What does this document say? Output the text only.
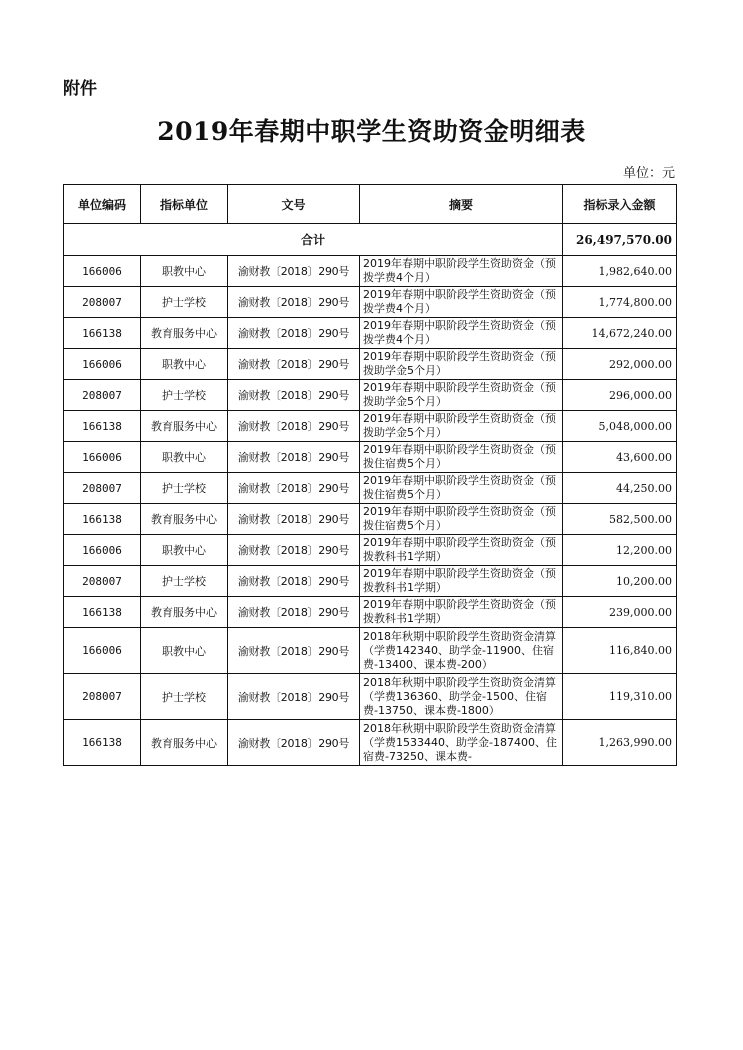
附件
2019年春期中职学生资助资金明细表
单位：元
单位编码	指标单位	文号	摘要	指标录入金额
合计				26,497,570.00
166006	职教中心	渝财教〔2018〕290号	2019年春期中职阶段学生资助资金（预拨学费4个月）	1,982,640.00
208007	护士学校	渝财教〔2018〕290号	2019年春期中职阶段学生资助资金（预拨学费4个月）	1,774,800.00
166138	教育服务中心	渝财教〔2018〕290号	2019年春期中职阶段学生资助资金（预拨学费4个月）	14,672,240.00
166006	职教中心	渝财教〔2018〕290号	2019年春期中职阶段学生资助资金（预拨助学金5个月）	292,000.00
208007	护士学校	渝财教〔2018〕290号	2019年春期中职阶段学生资助资金（预拨助学金5个月）	296,000.00
166138	教育服务中心	渝财教〔2018〕290号	2019年春期中职阶段学生资助资金（预拨助学金5个月）	5,048,000.00
166006	职教中心	渝财教〔2018〕290号	2019年春期中职阶段学生资助资金（预拨住宿费5个月）	43,600.00
208007	护士学校	渝财教〔2018〕290号	2019年春期中职阶段学生资助资金（预拨住宿费5个月）	44,250.00
166138	教育服务中心	渝财教〔2018〕290号	2019年春期中职阶段学生资助资金（预拨住宿费5个月）	582,500.00
166006	职教中心	渝财教〔2018〕290号	2019年春期中职阶段学生资助资金（预拨教科书1学期）	12,200.00
208007	护士学校	渝财教〔2018〕290号	2019年春期中职阶段学生资助资金（预拨教科书1学期）	10,200.00
166138	教育服务中心	渝财教〔2018〕290号	2019年春期中职阶段学生资助资金（预拨教科书1学期）	239,000.00
166006	职教中心	渝财教〔2018〕290号	2018年秋期中职阶段学生资助资金清算（学费142340、助学金-11900、住宿费-13400、课本费-200）	116,840.00
208007	护士学校	渝财教〔2018〕290号	2018年秋期中职阶段学生资助资金清算（学费136360、助学金-1500、住宿费-13750、课本费-1800）	119,310.00
166138	教育服务中心	渝财教〔2018〕290号	2018年秋期中职阶段学生资助资金清算（学费1533440、助学金-187400、住宿费-73250、课本费-	1,263,990.00
